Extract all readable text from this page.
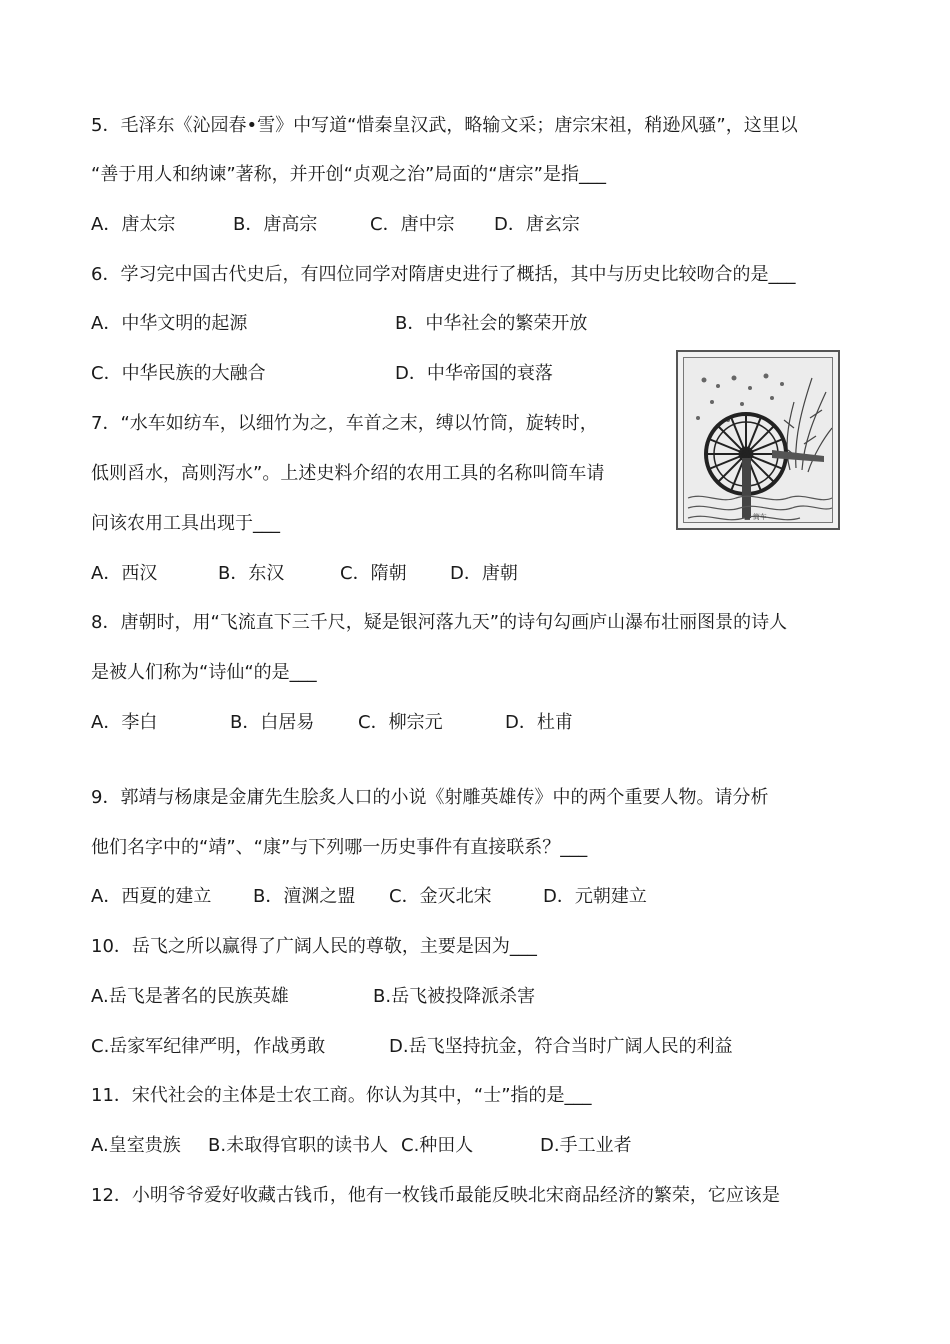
5．毛泽东《沁园春•雪》中写道“惜秦皇汉武，略输文采；唐宗宋祖，稍逊风骚”，这里以
“善于用人和纳谏”著称，并开创“贞观之治”局面的“唐宗”是指___
A．唐太宗	B．唐高宗	C．唐中宗 D．唐玄宗
6．学习完中国古代史后，有四位同学对隋唐史进行了概括，其中与历史比较吻合的是___
A．中华文明的起源	B．中华社会的繁荣开放
C．中华民族的大融合	D．中华帝国的衰落
■ 筒车
7．“水车如纺车，以细竹为之，车首之末，缚以竹筒，旋转时，
低则舀水，高则泻水”。上述史料介绍的农用工具的名称叫筒车请
问该农用工具出现于___
A．西汉	B．东汉	C．隋朝 D．唐朝
8．唐朝时，用“飞流直下三千尺，疑是银河落九天”的诗句勾画庐山瀑布壮丽图景的诗人
是被人们称为“诗仙“的是___
A．李白	B．白居易 C．柳宗元	D．杜甫
9．郭靖与杨康是金庸先生脍炙人口的小说《射雕英雄传》中的两个重要人物。请分析
他们名字中的“靖”、“康”与下列哪一历史事件有直接联系？___
A．西夏的建立 B．澶渊之盟 C．金灭北宋	D．元朝建立
10．岳飞之所以赢得了广阔人民的尊敬，主要是因为___
A.岳飞是著名的民族英雄	B.岳飞被投降派杀害
C.岳家军纪律严明，作战勇敢	D.岳飞坚持抗金，符合当时广阔人民的利益
11．宋代社会的主体是士农工商。你认为其中，“士”指的是___
A.皇室贵族 B.未取得官职的读书人 C.种田人	D.手工业者
12．小明爷爷爱好收藏古钱币，他有一枚钱币最能反映北宋商品经济的繁荣，它应该是
